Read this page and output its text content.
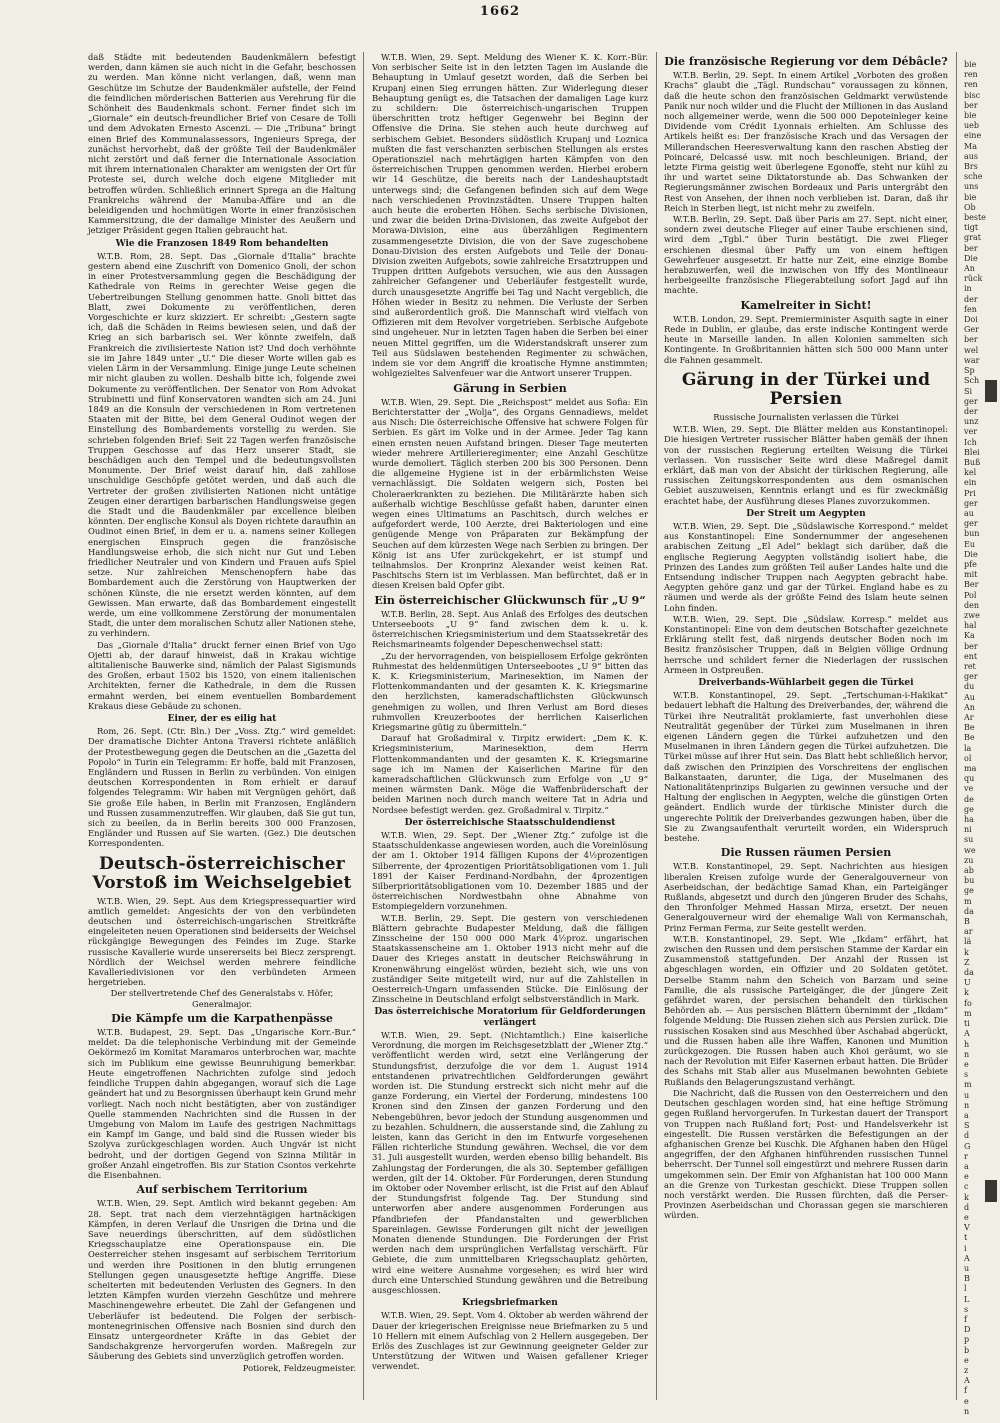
1662

daß Städte mit bedeutenden Baudenkmälern befestigt werden, dann kämen sie auch nicht in die Gefahr, beschossen zu werden. Man könne nicht verlangen, daß, wenn man Geschütze im Schutze der Baudenkmäler aufstelle, der Feind die feindlichen mörderischen Batterien aus Verehrung für die Schönheit des Baudenkmals schont. Ferner findet sich im „Giornale“ ein deutsch-freundlicher Brief von Cesare de Tolli und dem Advokaten Ernesto Ascenzi. — Die „Tribuna“ bringt einen Brief des Kommunalassessors, Ingenieurs Sprega, der zunächst hervorhebt, daß der größte Teil der Baudenkmäler nicht zerstört und daß ferner die Internationale Association mit ihrem internationalen Charakter am wenigsten der Ort für Proteste sei, durch welche doch eigene Mitglieder mit betroffen würden. Schließlich erinnert Sprega an die Haltung Frankreichs während der Manuba-Affäre und an die beleidigenden und hochmütigen Worte in einer französischen Kammersitzung, die der damalige Minister des Aeußern und jetziger Präsident gegen Italien gebraucht hat.

Wie die Franzosen 1849 Rom behandelten

W.T.B. Rom, 28. Sept. Das „Giornale d'Italia“ brachte gestern abend eine Zuschrift von Domenico Gnoli, der schon in einer Protestversammlung gegen die Beschädigung der Kathedrale von Reims in gerechter Weise gegen die Uebertreibungen Stellung genommen hatte. Gnoli bittet das Blatt, zwei Dokumente zu veröffentlichen, deren Vorgeschichte er kurz skizziert. Er schreibt: „Gestern sagte ich, daß die Schäden in Reims bewiesen seien, und daß der Krieg an sich barbarisch sei. Wer könnte zweifeln, daß Frankreich die zivilisierteste Nation ist? Und doch verhöhnte sie im Jahre 1849 unter „U.“ Die dieser Worte willen gab es vielen Lärm in der Versammlung. Einige junge Leute scheinen mir nicht glauben zu wollen. Deshalb bitte ich, folgende zwei Dokumente zu veröffentlichen. Der Senator von Rom Advokat Strubinetti und fünf Konservatoren wandten sich am 24. Juni 1849 an die Konsuln der verschiedenen in Rom vertretenen Staaten mit der Bitte, bei dem General Oudinot wegen der Einstellung des Bombardements vorstellig zu werden. Sie schrieben folgenden Brief: Seit 22 Tagen werfen französische Truppen Geschosse auf das Herz unserer Stadt, sie beschädigen auch den Tempel und die bedeutungsvollsten Monumente. Der Brief weist darauf hin, daß zahllose unschuldige Geschöpfe getötet werden, und daß auch die Vertreter der großen zivilisierten Nationen nicht untätige Zeugen einer derartigen barbarischen Handlungsweise gegen die Stadt und die Baudenkmäler par excellence bleiben könnten. Der englische Konsul als Doyen richtete daraufhin an Oudinot einen Brief, in dem er u. a. namens seiner Kollegen energischen Einspruch gegen die französische Handlungsweise erhob, die sich nicht nur Gut und Leben friedlicher Neutraler und von Kindern und Frauen aufs Spiel setze. Nur zahlreichen Menschenopfern habe das Bombardement auch die Zerstörung von Hauptwerken der schönen Künste, die nie ersetzt werden könnten, auf dem Gewissen. Man erwarte, daß das Bombardement eingestellt werde, um eine vollkommene Zerstörung der monumentalen Stadt, die unter dem moralischen Schutz aller Nationen stehe, zu verhindern.

Das „Giornale d'Italia“ druckt ferner einen Brief von Ugo Ojetti ab, der darauf hinweist, daß in Krakau wichtige altitalienische Bauwerke sind, nämlich der Palast Sigismunds des Großen, erbaut 1502 bis 1520, von einem italienischen Architekten, ferner die Kathedrale, in dem die Russen ermahnt werden, bei einem eventuellen Bombardement Krakaus diese Gebäude zu schonen.

Einer, der es eilig hat

Rom, 26. Sept. (Ctr. Bln.) Der „Voss. Ztg.“ wird gemeldet: Der dramatische Dichter Antona Traversi richtete anläßlich der Protestbewegung gegen die Deutschen an die „Gazetta del Popolo“ in Turin ein Telegramm: Er hoffe, bald mit Franzosen, Engländern und Russen in Berlin zu verbünden. Von einigen deutschen Korrespondenten in Rom erhielt er darauf folgendes Telegramm: Wir haben mit Vergnügen gehört, daß Sie große Eile haben, in Berlin mit Franzosen, Engländern und Russen zusammenzutreffen. Wir glauben, daß Sie gut tun, sich zu beeilen, da in Berlin bereits 300 000 Franzosen, Engländer und Russen auf Sie warten. (Gez.) Die deutschen Korrespondenten.

Deutsch-österreichischer Vorstoß im Weichselgebiet

W.T.B. Wien, 29. Sept. Aus dem Kriegspressequartier wird amtlich gemeldet: Angesichts der von den verbündeten deutschen und österreichisch-ungarischen Streitkräfte eingeleiteten neuen Operationen sind beiderseits der Weichsel rückgängige Bewegungen des Feindes im Zuge. Starke russische Kavallerie wurde unsererseits bei Biecz zersprengt. Nördlich der Weichsel werden mehrere feindliche Kavalleriedivisionen vor den verbündeten Armeen hergetrieben.

Der stellvertretende Chef des Generalstabs v. Höfer, Generalmajor.
Die Kämpfe um die Karpathenpässe

W.T.B. Budapest, 29. Sept. Das „Ungarische Korr.-Bur.“ meldet: Da die telephonische Verbindung mit der Gemeinde Oekörmező im Komitat Maramaros unterbrochen war, machte sich im Publikum eine gewisse Beunruhigung bemerkbar. Heute eingetroffenen Nachrichten zufolge sind jedoch feindliche Truppen dahin abgegangen, worauf sich die Lage geändert hat und zu Besorgnissen überhaupt kein Grund mehr vorliegt. Nach noch nicht bestätigten, aber von zuständiger Quelle stammenden Nachrichten sind die Russen in der Umgebung von Malom im Laufe des gestrigen Nachmittags ein Kampf im Gange, und bald sind die Russen wieder bis Szolyva zurückgeschlagen worden. Auch Ungvár ist nicht bedroht, und der dortigen Gegend von Szinna Militär in großer Anzahl eingetroffen. Bis zur Station Csontos verkehrte die Eisenbahnen.

Auf serbischem Territorium

W.T.B. Wien, 29. Sept. Amtlich wird bekannt gegeben: Am 28. Sept. trat nach dem vierzehntägigen hartnäckigen Kämpfen, in deren Verlauf die Unsrigen die Drina und die Save neuerdings überschritten, auf dem südöstlichen Kriegsschauplatze eine Operationspause ein. Die Oesterreicher stehen insgesamt auf serbischem Territorium und werden ihre Positionen in den blutig errungenen Stellungen gegen unausgesetzte heftige Angriffe. Diese scheiterten mit bedeutenden Verlusten des Gegners. In den letzten Kämpfen wurden vierzehn Geschütze und mehrere Maschinengewehre erbeutet. Die Zahl der Gefangenen und Ueberläufer ist bedeutend. Die Folgen der serbisch-montenegrinischen Offensive nach Bosnien sind durch den Einsatz untergeordneter Kräfte in das Gebiet der Sandschakgrenze hervorgerufen worden. Maßregeln zur Säuberung des Gebiets sind unverzüglich getroffen worden.

Potiorek, Feldzeugmeister.

W.T.B. Wien, 29. Sept. Meldung des Wiener K. K. Korr.-Bür. Von serbischer Seite ist in den letzten Tagen im Auslande die Behauptung in Umlauf gesetzt worden, daß die Serben bei Krupanj einen Sieg errungen hätten. Zur Widerlegung dieser Behauptung genügt es, die Tatsachen der damaligen Lage kurz zu schildern: Die österreichisch-ungarischen Truppen überschritten trotz heftiger Gegenwehr bei Beginn der Offensive die Drina. Sie stehen auch heute durchweg auf serbischem Gebiet. Besonders südöstlich Krupanj und Loznica mußten die fast verschanzten serbischen Stellungen als erstes Operationsziel nach mehrtägigen harten Kämpfen von den österreichischen Truppen genommen werden. Hierbei erobern wir 14 Geschütze, die bereits nach der Landeshauptstadt unterwegs sind; die Gefangenen befinden sich auf dem Wege nach verschiedenen Provinzstädten. Unsere Truppen halten auch heute die eroberten Höhen. Sechs serbische Divisionen, und zwar die beiden Drina-Divisionen, das zweite Aufgebot der Morawa-Division, eine aus überzähligen Regimentern zusammengesetzte Division, die von der Save zugeschobene Donau-Division des ersten Aufgebots und Teile der Donau-Division zweiten Aufgebots, sowie zahlreiche Ersatztruppen und Truppen dritten Aufgebots versuchen, wie aus den Aussagen zahlreicher Gefangener und Ueberläufer festgestellt wurde, durch unausgesetzte Angriffe bei Tag und Nacht vergeblich, die Höhen wieder in Besitz zu nehmen. Die Verluste der Serben sind außerordentlich groß. Die Mannschaft wird vielfach von Offizieren mit dem Revolver vorgetrieben. Serbische Aufgebote sind ungeheuer. Nur in letzten Tagen haben die Serben bei einer neuen Mittel gegriffen, um die Widerstandskraft unserer zum Teil aus Südslawen bestehenden Regimenter zu schwächen, indem sie vor dem Angriff die kroatische Hymne anstimmten; wohlgezieltes Salvenfeuer war die Antwort unserer Truppen.

Gärung in Serbien

W.T.B. Wien, 29. Sept. Die „Reichspost“ meldet aus Sofia: Ein Berichterstatter der „Wolja“, des Organs Gennadiews, meldet aus Nisch: Die österreichische Offensive hat schwere Folgen für Serbien. Es gärt im Volke und in der Armee. Jeder Tag kann einen ernsten neuen Aufstand bringen. Dieser Tage meuterten wieder mehrere Artillerieregimenter; eine Anzahl Geschütze wurde demoliert. Täglich sterben 200 bis 300 Personen. Denn die allgemeine Hygiene ist in der erbärmlichsten Weise vernachlässigt. Die Soldaten weigern sich, Posten bei Choleraerkrankten zu beziehen. Die Militärärzte haben sich außerhalb wichtige Beschlüsse gefaßt haben, darunter einen wegen eines Ultimatums an Paschitsch, durch welches er aufgefordert werde, 100 Aerzte, drei Bakteriologen und eine genügende Menge von Präparaten zur Bekämpfung der Seuchen auf dem kürzesten Wege nach Serbien zu bringen. Der König ist ans Ufer zurückgekehrt, er ist stumpf und teilnahmslos. Der Kronprinz Alexander weist keinen Rat. Paschitschs Stern ist im Verblassen. Man befürchtet, daß er in diesen Kreisen bald Opfer gibt.

Ein österreichischer Glückwunsch für „U 9“

W.T.B. Berlin, 28. Sept. Aus Anlaß des Erfolges des deutschen Unterseeboots „U 9“ fand zwischen dem k. u. k. österreichischen Kriegsministerium und dem Staatssekretär des Reichsmarineamts folgender Depeschenwechsel statt:

„Zu der hervorragenden, von beispiellosem Erfolge gekrönten Ruhmestat des heldenmütigen Unterseebootes „U 9“ bitten das K. K. Kriegsministerium, Marinesektion, im Namen der Flottenkommandanten und der gesamten K. K. Kriegsmarine den herzlichsten, kameradschaftlichsten Glückwunsch genehmigen zu wollen, und Ihren Verlust am Bord dieses ruhmvollen Kreuzerbootes der herrlichen Kaiserlichen Kriegsmarine gütig zu übermitteln.“

Darauf hat Großadmiral v. Tirpitz erwidert: „Dem K. K. Kriegsministerium, Marinesektion, dem Herrn Flottenkommandanten und der gesamten K. K. Kriegsmarine sage ich im Namen der Kaiserlichen Marine für den kameradschaftlichen Glückwunsch zum Erfolge von „U 9“ meinen wärmsten Dank. Möge die Waffenbrüderschaft der beiden Marinen noch durch manch weitere Tat in Adria und Nordsee befestigt werden. gez. Großadmiral v. Tirpitz.“

Der österreichische Staatsschuldendienst

W.T.B. Wien, 29. Sept. Der „Wiener Ztg.“ zufolge ist die Staatsschuldenkasse angewiesen worden, auch die Voreinlösung der am 1. Oktober 1914 fälligen Kupons der 4½prozentigen Silberrente, der 4prozentigen Prioritätsobligationen vom 1. Juli 1891 der Kaiser Ferdinand-Nordbahn, der 4prozentigen Silberprioritätsobligationen vom 10. Dezember 1885 und der österreichischen Nordwestbahn ohne Abnahme von Estompiegeldern vorzunehmen.

W.T.B. Berlin, 29. Sept. Die gestern von verschiedenen Blättern gebrachte Budapester Meldung, daß die fälligen Zinsscheine der 150 000 000 Mark 4½proz. ungarischen Staatskassenscheine am 1. Oktober 1913 nicht mehr auf die Dauer des Krieges anstatt in deutscher Reichswährung in Kronenwährung eingelöst würden, bezieht sich, wie uns von zuständiger Seite mitgeteilt wird, nur auf die Zahlstellen in Oesterreich-Ungarn umfassenden Stücke. Die Einlösung der Zinsscheine in Deutschland erfolgt selbstverständlich in Mark.

Das österreichische Moratorium für Geldforderungen verlängert

W.T.B. Wien, 29. Sept. (Nichtamtlich.) Eine kaiserliche Verordnung, die morgen im Reichsgesetzblatt der „Wiener Ztg.“ veröffentlicht werden wird, setzt eine Verlängerung der Stundungsfrist, derzufolge die vor dem 1. August 1914 entstandenen privatrechtlichen Geldforderungen gewährt worden ist. Die Stundung erstreckt sich nicht mehr auf die ganze Forderung, ein Viertel der Forderung, mindestens 100 Kronen sind den Zinsen der ganzen Forderung und den Nebengebühren, bevor jedoch der Stundung ausgenommen und zu bezahlen. Schuldnern, die ausserstande sind, die Zahlung zu leisten, kann das Gericht in den im Entwurfe vorgesehenen Fällen richterliche Stundung gewähren. Wechsel, die vor dem 31. Juli ausgestellt wurden, werden ebenso billig behandelt. Bis Zahlungstag der Forderungen, die als 30. September gefälligen werden, gilt der 14. Oktober. Für Forderungen, deren Stundung im Oktober oder November erlischt, ist die Frist auf den Ablauf der Stundungsfrist folgende Tag. Der Stundung sind unterworfen aber andere ausgenommen Forderungen aus Pfandbriefen der Pfandanstalten und gewerblichen Spareinlagen. Gewisse Forderungen gilt nicht der jeweiligen Monaten dienende Stundungen. Die Forderungen der Frist werden nach dem ursprünglichen Verfallstag verschärft. Für Gebiete, die zum unmittelbaren Kriegsschauplatz gehörten, wird eine weitere Ausnahme vorgesehen; es wird hier wird durch eine Unterschied Stundung gewähren und die Betreibung ausgeschlossen.

Kriegsbriefmarken

W.T.B. Wien, 29. Sept. Vom 4. Oktober ab werden während der Dauer der kriegerischen Ereignisse neue Briefmarken zu 5 und 10 Hellern mit einem Aufschlag von 2 Hellern ausgegeben. Der Erlös des Zuschlages ist zur Gewinnung geeigneter Gelder zur Unterstützung der Witwen und Waisen gefallener Krieger verwendet.

Die französische Regierung vor dem Débâcle?

W.T.B. Berlin, 29. Sept. In einem Artikel „Vorboten des großen Krachs“ glaubt die „Tägl. Rundschau“ voraussagen zu können, daß die heute schon den französischen Geldmarkt verwüstende Panik nur noch wilder und die Flucht der Millionen in das Ausland noch allgemeiner werde, wenn die 500 000 Depoteinleger keine Dividende vom Crédit Lyonnais erhielten. Am Schlusse des Artikels heißt es: Der französische Krach und das Versagen der Millerandschen Heeresverwaltung kann den raschen Abstieg der Poincaré, Delcassé usw. mit noch beschleunigen. Briand, der letzte Firma geistig weit überlegene Egonoffe, steht nur kühl zu ihr und wartet seine Diktatorstunde ab. Das Schwanken der Regierungsmänner zwischen Bordeaux und Paris untergräbt den Rest von Ansehen, der ihnen noch verblieben ist. Daran, daß ihr Reich in Sterben liegt, ist nicht mehr zu zweifeln.

W.T.B. Berlin, 29. Sept. Daß über Paris am 27. Sept. nicht einer, sondern zwei deutsche Flieger auf einer Taube erschienen sind, wird dem „Tgbl.“ über Turin bestätigt. Die zwei Flieger erschienen diesmal über Paffy um von einem heftigen Gewehrfeuer ausgesetzt. Er hatte nur Zeit, eine einzige Bombe herabzuwerfen, weil die inzwischen von Iffy des Montlineaur herbeigeeilte französische Fliegerabteilung sofort Jagd auf ihn machte.

Kamelreiter in Sicht!

W.T.B. London, 29. Sept. Premierminister Asquith sagte in einer Rede in Dublin, er glaube, das erste indische Kontingent werde heute in Marseille landen. In allen Kolonien sammelten sich Kontingente. In Großbritannien hätten sich 500 000 Mann unter die Fahnen gesammelt.

Gärung in der Türkei und Persien
Russische Journalisten verlassen die Türkei

W.T.B. Wien, 29. Sept. Die Blätter melden aus Konstantinopel: Die hiesigen Vertreter russischer Blätter haben gemäß der ihnen von der russischen Regierung erteilten Weisung die Türkei verlassen. Von russischer Seite wird diese Maßregel damit erklärt, daß man von der Absicht der türkischen Regierung, alle russischen Zeitungskorrespondenten aus dem osmanischen Gebiet auszuweisen, Kenntnis erlangt und es für zweckmäßig erachtet habe, der Ausführung dieses Planes zuvorzukommen.

Der Streit um Aegypten

W.T.B. Wien, 29. Sept. Die „Südslawische Korrespond.“ meldet aus Konstantinopel: Eine Sondernummer der angesehenen arabischen Zeitung „El Adel“ beklagt sich darüber, daß die englische Regierung Aegypten vollständig isoliert habe, die Prinzen des Landes zum größten Teil außer Landes halte und die Entsendung indischer Truppen nach Aegypten gebracht habe. Aegypten gehöre ganz und gar der Türkei. England habe es zu räumen und werde als der größte Feind des Islam heute seinen Lohn finden.

W.T.B. Wien, 29. Sept. Die „Südslaw. Korresp.“ meldet aus Konstantinopel: Eine von dem deutschen Botschafter gezeichnete Erklärung stellt fest, daß nirgends deutscher Boden noch im Besitz französischer Truppen, daß in Belgien völlige Ordnung herrsche und schildert ferner die Niederlagen der russischen Armeen in Ostpreußen.

Dreiverbands-Wühlarbeit gegen die Türkei

W.T.B. Konstantinopel, 29. Sept. „Tertschuman-i-Hakikat“ bedauert lebhaft die Haltung des Dreiverbandes, der, während die Türkei ihre Neutralität proklamierte, fast unverhohlen diese Neutralität gegenüber der Türkei zum Muselmanen in ihren eigenen Ländern gegen die Türkei aufzuhetzen und den Muselmanen in ihren Ländern gegen die Türkei aufzuhetzen. Die Türkei müsse auf ihrer Hut sein. Das Blatt hebt schließlich hervor, daß zwischen den Prinzipien des Vorschreitens der englischen Balkanstaaten, darunter, die Liga, der Muselmanen des Nationalitätenprinzips Bulgarien zu gewinnen versuche und der Haltung der englischen in Aegypten, welche die günstigen Orten geändert. Endlich wurde der türkische Minister durch die ungerechte Politik der Dreiverbandes gezwungen haben, über die Sie zu Zwangsaufenthalt verurteilt worden, ein Widerspruch bestehe.

Die Russen räumen Persien

W.T.B. Konstantinopel, 29. Sept. Nachrichten aus hiesigen liberalen Kreisen zufolge wurde der Generalgouverneur von Aserbeidschan, der bedächtige Samad Khan, ein Parteigänger Rußlands, abgesetzt und durch den jüngeren Bruder des Schahs, den Thronfolger Mehmed Hassan Mirza, ersetzt. Der neuen Generalgouverneur wird der ehemalige Wali von Kermanschah, Prinz Ferman Ferma, zur Seite gestellt werden.

W.T.B. Konstantinopel, 29. Sept. Wie „Ikdam“ erfährt, hat zwischen den Russen und dem persischen Stamme der Kardar ein Zusammenstoß stattgefunden. Der Anzahl der Russen ist abgeschlagen worden, ein Offizier und 20 Soldaten getötet. Derselbe Stamm nahm den Scheich von Barzam und seine Familie, die als russische Parteigänger, die der jüngere Zeit gefährdet waren, der persischen behandelt den türkischen Behörden ab. — Aus persischen Blättern übernimmt der „Ikdam“ folgende Meldung: Die Russen ziehen sich aus Persien zurück. Die russischen Kosaken sind aus Meschhed über Aschabad abgerückt, und die Russen haben alle ihre Waffen, Kanonen und Munition zurückgezogen. Die Russen haben auch Khoi geräumt, wo sie nach der Revolution mit Eifer Kasernen erbaut hatten. Die Brüder des Schahs mit Stab aller aus Muselmanen bewohnten Gebiete Rußlands den Belagerungszustand verhängt.

Die Nachricht, daß die Russen von den Oesterreichern und den Deutschen geschlagen worden sind, hat eine heftige Strömung gegen Rußland hervorgerufen. In Turkestan dauert der Transport von Truppen nach Rußland fort; Post- und Handelsverkehr ist eingestellt. Die Russen verstärken die Befestigungen an der afghanischen Grenze bei Kuschk. Die Afghanen haben den Hügel angegriffen, der den Afghanen hinführenden russischen Tunnel beherrscht. Der Tunnel soll eingestürzt und mehrere Russen darin umgekommen sein. Der Emir von Afghanistan hat 100 000 Mann an die Grenze von Turkestan geschickt. Diese Truppen sollen noch verstärkt werden. Die Russen fürchten, daß die Perser-Provinzen Aserbeidschan und Chorassan gegen sie marschieren würden.

bie
ren
ren
bisc
ber
bie
ueb
eine
Ma
aus
Brs
sche
uns
bie
Ob
beste
tigt
grat
ber
Die
An
rück
in
der
fen
Doi
Ger
ber
wel
war
Sp
Sch
Si
ger
der
unz
ver
Ich
Blei
Buß
kel
ein
Pri
ger
au
ger
bun
Eu
Die
pfe
mit
Ber
Pol
den
zwe
hal
Ka
ber
ent
ret
ger
du
Au
An
Ar
Be
Be
la
ol
ma
qu
ve
de
ge
ha
ni
su
we
zu
ab
bu
ge
m
da
B
ar
lä
k
Z
da
U
k
fo
m
ti
A
h
n
e
s
m
u
n
a
S
d
G
r
a
e
c
k
d
e
V
t
i
A
u
B
l
L
s
f
D
p
b
e
z
A
f
e
n
